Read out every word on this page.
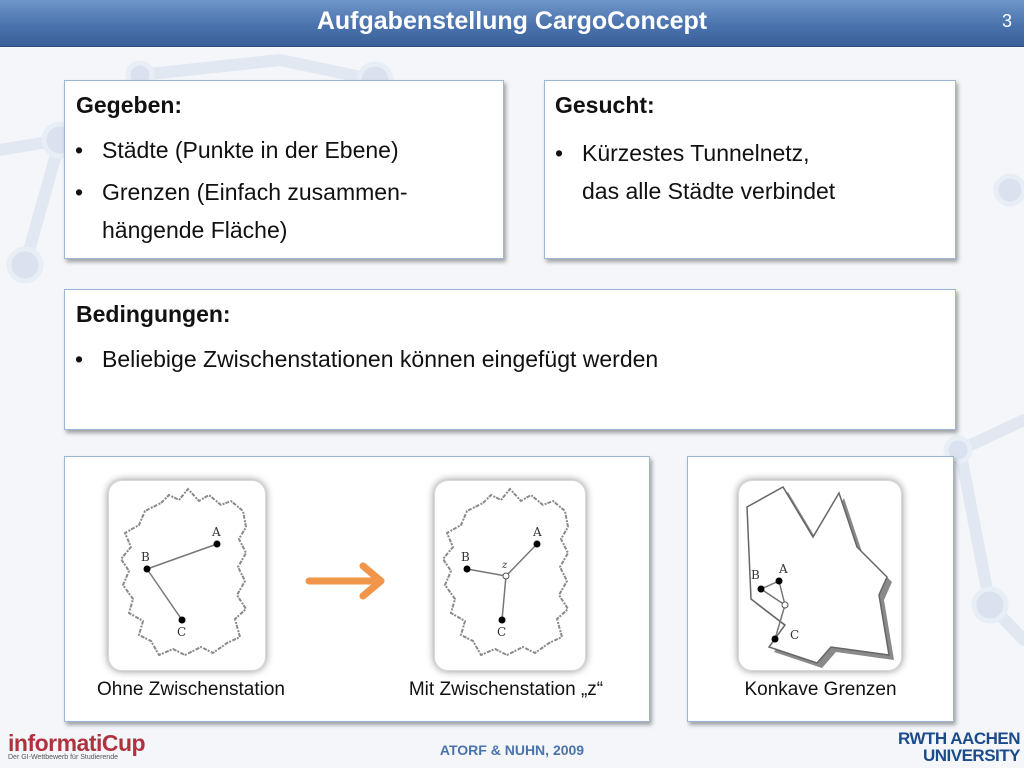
Aufgabenstellung CargoConcept	3
Gegeben:
• Städte (Punkte in der Ebene)
• Grenzen (Einfach zusammen-
hängende Fläche)
Gesucht:
• Kürzestes Tunnelnetz,
das alle Städte verbindet
Bedingungen:
• Beliebige Zwischenstationen können eingefügt werden
A
B
C
A
B
C
z
Ohne Zwischenstation	Mit Zwischenstation „z“
A
B
C
Konkave Grenzen
informatiCup
Der GI-Wettbewerb für Studierende	ATORF & NUHN, 2009
RWTH AACHEN UNIVERSITY
